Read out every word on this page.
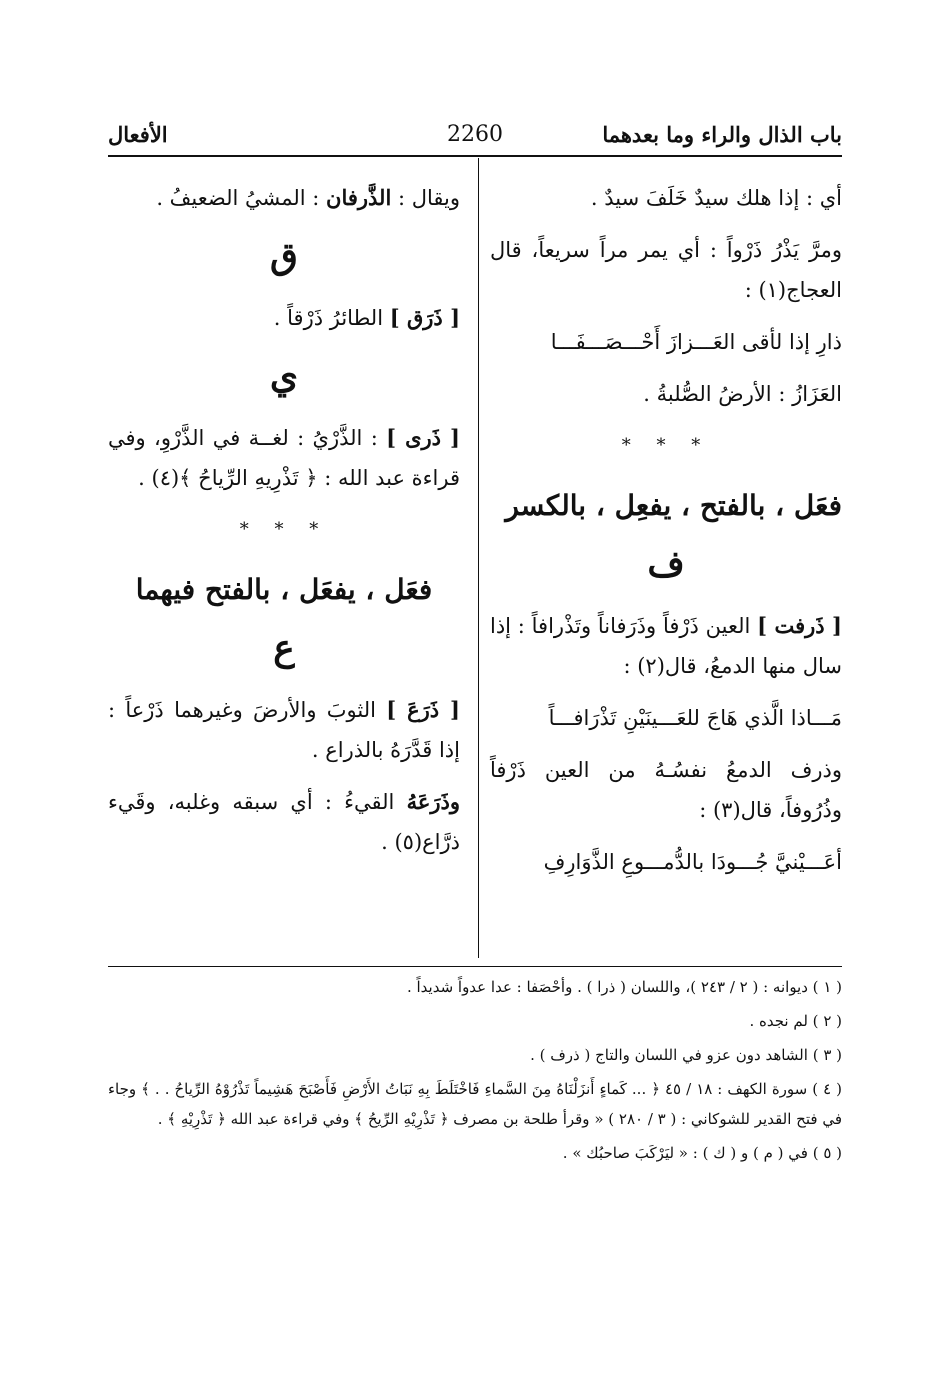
باب الذال والراء وما بعدهما
2260
الأفعال

أي : إذا هلك سيدٌ خَلَفَ سيدٌ .

ومرَّ يَذْرُ ذَرْواً : أي يمر مراً سريعاً، قال العجاج(١) :

ذارِ إذا لأقى العَـــزازَ أَحْـــصَـــفَـــا

العَزَازُ : الأرضُ الصُّلبةُ .

* * *
فعَل ، بالفتح ، يفعِل ، بالكسر
ف

[ ذَرفت ] العين ذَرْفاً وذَرَفاناً وتَذْرافاً : إذا سال منها الدمعُ، قال(٢) :

مَـــاذا الَّذي هَاجَ للعَـــينَيْنِ تَذْرَافـــاً

وذرف الدمعُ نفسُـهُ من العين ذَرْفاً وذُرُوفاً، قال(٣) :

أعَـــيْنيَّ جُـــودَا بالدُّمـــوعِ الذَّوَارِفِ

ويقال : الذَّرفان : المشيُ الضعيفُ .

ق

[ ذَرَق ] الطائرُ ذَرْقاً .

ي

[ ذَرى ] : الذَّرْيُ : لغــة في الذَّرْوِ، وفي قراءة عبد الله : ﴿ تَذْرِيهِ الرِّياحُ ﴾(٤) .

* * *
فعَل ، يفعَل ، بالفتح فيهما
ع

[ ذَرَعَ ] الثوبَ والأرضَ وغيرهما ذَرْعاً : إذا قَدَّرَهُ بالذراع .

وذَرَعَهُ القيءُ : أي سبقه وغلبه، وقَيء ذرَّاع(٥) .

( ١ ) ديوانه : ( ٢ / ٢٤٣ )، واللسان ( ذرا ) . وأحْصَفا : عدا عدواً شديداً .

( ٢ ) لم نجده .

( ٣ ) الشاهد دون عزو في اللسان والتاج ( ذرف ) .

( ٤ ) سورة الكهف : ١٨ / ٤٥ ﴿ ... كَماءٍ أَنزَلْنَاهُ مِنَ السَّماءِ فَاخْتَلَطَ بِهِ نَبَاتُ الأَرْضِ فَأَصْبَحَ هَشِيماً تَذْرُوْهُ الرِّياحُ . . ﴾ وجاء في فتح القدير للشوكاني : ( ٣ / ٢٨٠ ) « وقرأ طلحة بن مصرف ﴿ تَذْرِيْهِ الرِّيحُ ﴾ وفي قراءة عبد الله ﴿ تَذْرِيْهِ ﴾ .

( ٥ ) في ( م ) و ( ك ) : « ليَرْكَبَ صاحبُك » .
